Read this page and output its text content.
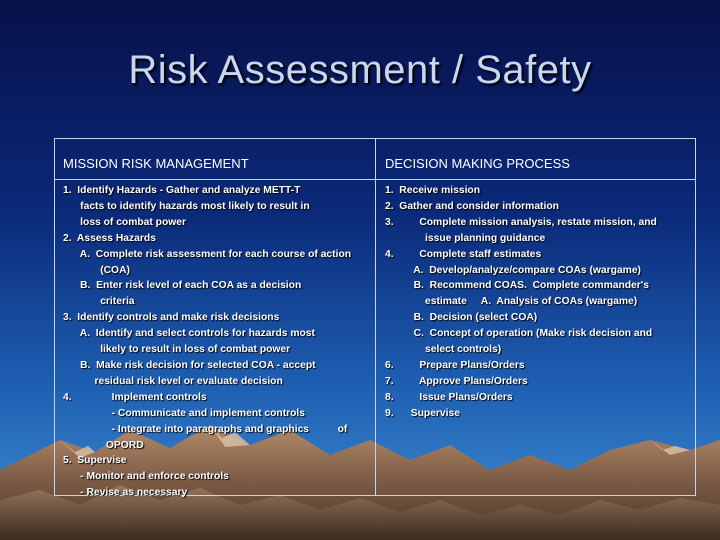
Risk Assessment / Safety
MISSION RISK MANAGEMENT	DECISION MAKING PROCESS
1.  Identify Hazards - Gather and analyze METT-T
facts to identify hazards most likely to result in
loss of combat power
2.  Assess Hazards
A.  Complete risk assessment for each course of action
(COA)
B.  Enter risk level of each COA as a decision
criteria
3.  Identify controls and make risk decisions
A.  Identify and select controls for hazards most
likely to result in loss of combat power
B.  Make risk decision for selected COA - accept
residual risk level or evaluate decision
4.              Implement controls
- Communicate and implement controls
- Integrate into paragraphs and graphics          of
OPORD
5.  Supervise
- Monitor and enforce controls
- Revise as necessary
1.  Receive mission
2.  Gather and consider information
3.         Complete mission analysis, restate mission, and
issue planning guidance
4.         Complete staff estimates
A.  Develop/analyze/compare COAs (wargame)
B.  Recommend COAS.  Complete commander's
estimate     A.  Analysis of COAs (wargame)
B.  Decision (select COA)
C.  Concept of operation (Make risk decision and
select controls)
6.         Prepare Plans/Orders
7.         Approve Plans/Orders
8.         Issue Plans/Orders
9.      Supervise
